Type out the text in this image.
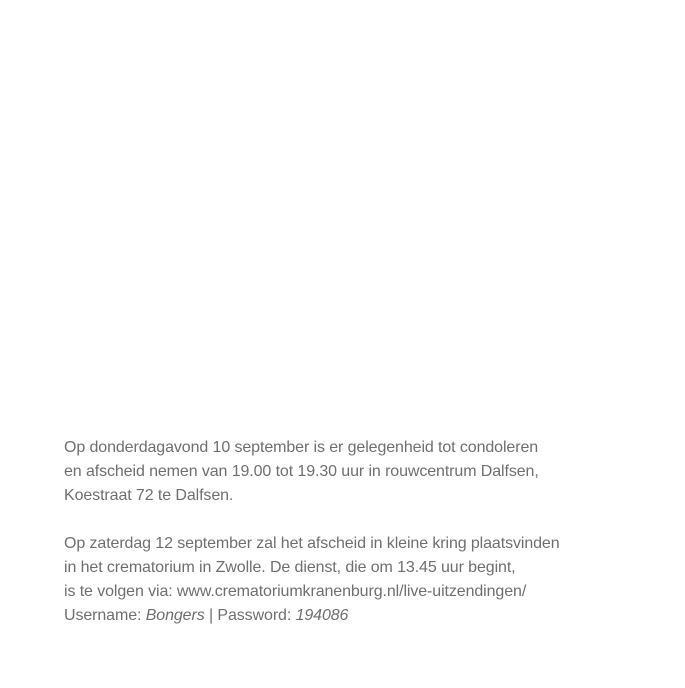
Op donderdagavond 10 september is er gelegenheid tot condoleren
en afscheid nemen van 19.00 tot 19.30 uur in rouwcentrum Dalfsen,
Koestraat 72 te Dalfsen.

Op zaterdag 12 september zal het afscheid in kleine kring plaatsvinden
in het crematorium in Zwolle. De dienst, die om 13.45 uur begint,
is te volgen via: www.crematoriumkranenburg.nl/live-uitzendingen/
Username: Bongers | Password: 194086
